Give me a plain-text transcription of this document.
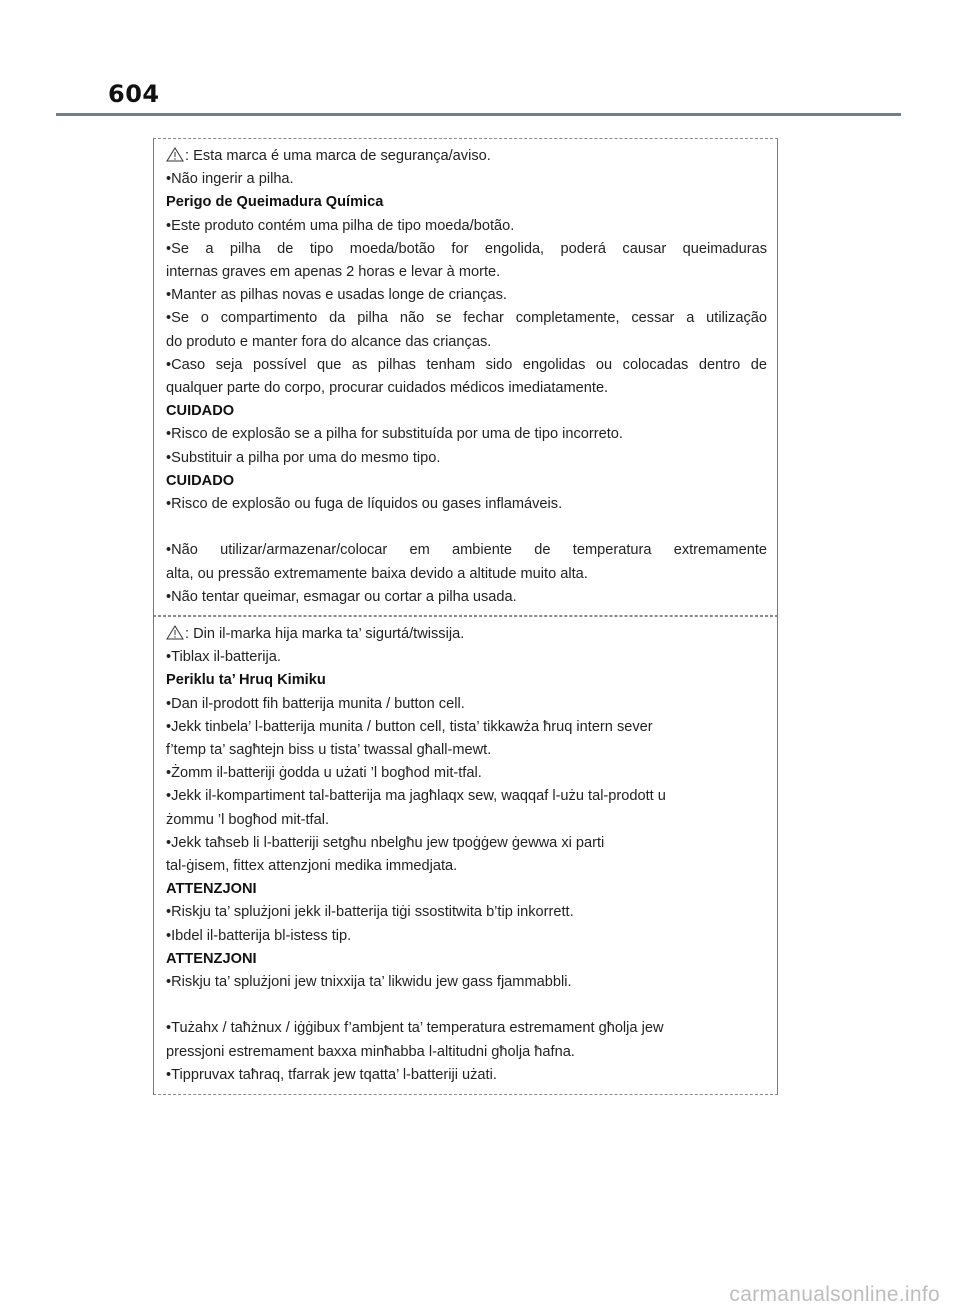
604
: Esta marca é uma marca de segurança/aviso.
•Não ingerir a pilha.
Perigo de Queimadura Química
•Este produto contém uma pilha de tipo moeda/botão.
•Se a pilha de tipo moeda/botão for engolida, poderá causar queimaduras
internas graves em apenas 2 horas e levar à morte.
•Manter as pilhas novas e usadas longe de crianças.
•Se o compartimento da pilha não se fechar completamente, cessar a utilização
do produto e manter fora do alcance das crianças.
•Caso seja possível que as pilhas tenham sido engolidas ou colocadas dentro de
qualquer parte do corpo, procurar cuidados médicos imediatamente.
CUIDADO
•Risco de explosão se a pilha for substituída por uma de tipo incorreto.
•Substituir a pilha por uma do mesmo tipo.
CUIDADO
•Risco de explosão ou fuga de líquidos ou gases inflamáveis.
•Não utilizar/armazenar/colocar em ambiente de temperatura extremamente
alta, ou pressão extremamente baixa devido a altitude muito alta.
•Não tentar queimar, esmagar ou cortar a pilha usada.
: Din il-marka hija marka ta’ sigurtá/twissija.
•Tiblax il-batterija.
Periklu ta’ Hruq Kimiku
•Dan il-prodott fih batterija munita / button cell.
•Jekk tinbela’ l-batterija munita / button cell, tista’ tikkawża ħruq intern sever
f’temp ta’ sagħtejn biss u tista’ twassal għall-mewt.
•Żomm il-batteriji ġodda u użati ’l bogħod mit-tfal.
•Jekk il-kompartiment tal-batterija ma jagħlaqx sew, waqqaf l-użu tal-prodott u
żommu ’l bogħod mit-tfal.
•Jekk taħseb li l-batteriji setgħu nbelgħu jew tpoġġew ġewwa xi parti
tal-ġisem, fittex attenzjoni medika immedjata.
ATTENZJONI
•Riskju ta’ splużjoni jekk il-batterija tiġi ssostitwita b’tip inkorrett.
•Ibdel il-batterija bl-istess tip.
ATTENZJONI
•Riskju ta’ splużjoni jew tnixxija ta’ likwidu jew gass fjammabbli.
•Tużahx / taħżnux / iġġibux f’ambjent ta’ temperatura estremament għolja jew
pressjoni estremament baxxa minħabba l-altitudni għolja ħafna.
•Tippruvax taħraq, tfarrak jew tqatta’ l-batteriji użati.
carmanualsonline.info
